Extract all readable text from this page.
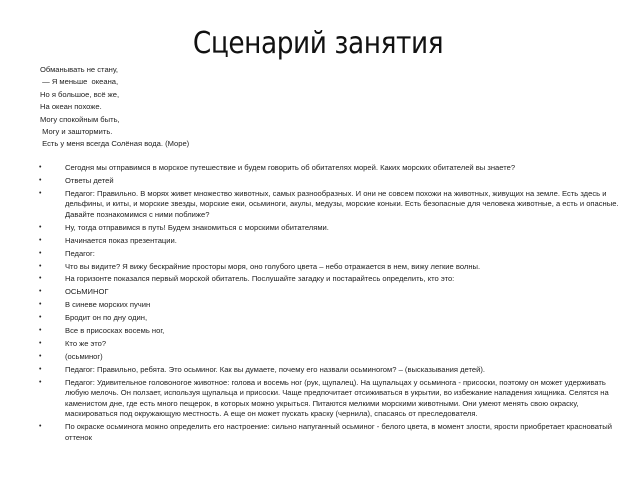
Сценарий занятия
Обманывать не стану,
— Я меньше  океана,
Но я большое, всё же,
На океан похоже.
Могу спокойным быть,
Могу и заштормить.
Есть у меня всегда Солёная вода. (Море)
•	Сегодня мы отправимся в морское путешествие и будем говорить об обитателях морей. Каких морских обитателей вы знаете?
•	Ответы детей
•	Педагог: Правильно. В морях живет множество животных, самых разнообразных. И они не совсем похожи на животных, живущих на земле. Есть здесь и дельфины, и киты, и морские звезды, морские ежи, осьминоги, акулы, медузы, морские коньки. Есть безопасные для человека животные, а есть и опасные. Давайте познакомимся с ними поближе?
•	Ну, тогда отправимся в путь! Будем знакомиться с морскими обитателями.
•	Начинается показ презентации.
•	Педагог:
•	Что вы видите? Я вижу бескрайние просторы моря, оно голубого цвета – небо отражается в нем, вижу легкие волны.
•	На горизонте показался первый морской обитатель. Послушайте загадку и постарайтесь определить, кто это:
•	ОСЬМИНОГ
•	В синеве морских пучин
•	Бродит он по дну один,
•	Все в присосках восемь ног,
•	Кто же это?
•	(осьминог)
•	Педагог: Правильно, ребята. Это осьминог. Как вы думаете, почему его назвали осьминогом? – (высказывания детей).
•	Педагог: Удивительное головоногое животное: голова и восемь ног (рук, щупалец). На щупальцах у осьминога - присоски, поэтому он может удерживать любую мелочь. Он ползает, используя щупальца и присоски. Чаще предпочитает отсиживаться в укрытии, во избежание нападения хищника. Селятся на каменистом дне, где есть много пещерок, в которых можно укрыться. Питаются мелкими морскими животными. Они умеют менять свою окраску, маскироваться под окружающую местность. А еще он может пускать краску (чернила), спасаясь от преследователя.
•	По окраске осьминога можно определить его настроение: сильно напуганный осьминог - белого цвета, в момент злости, ярости приобретает красноватый оттенок
